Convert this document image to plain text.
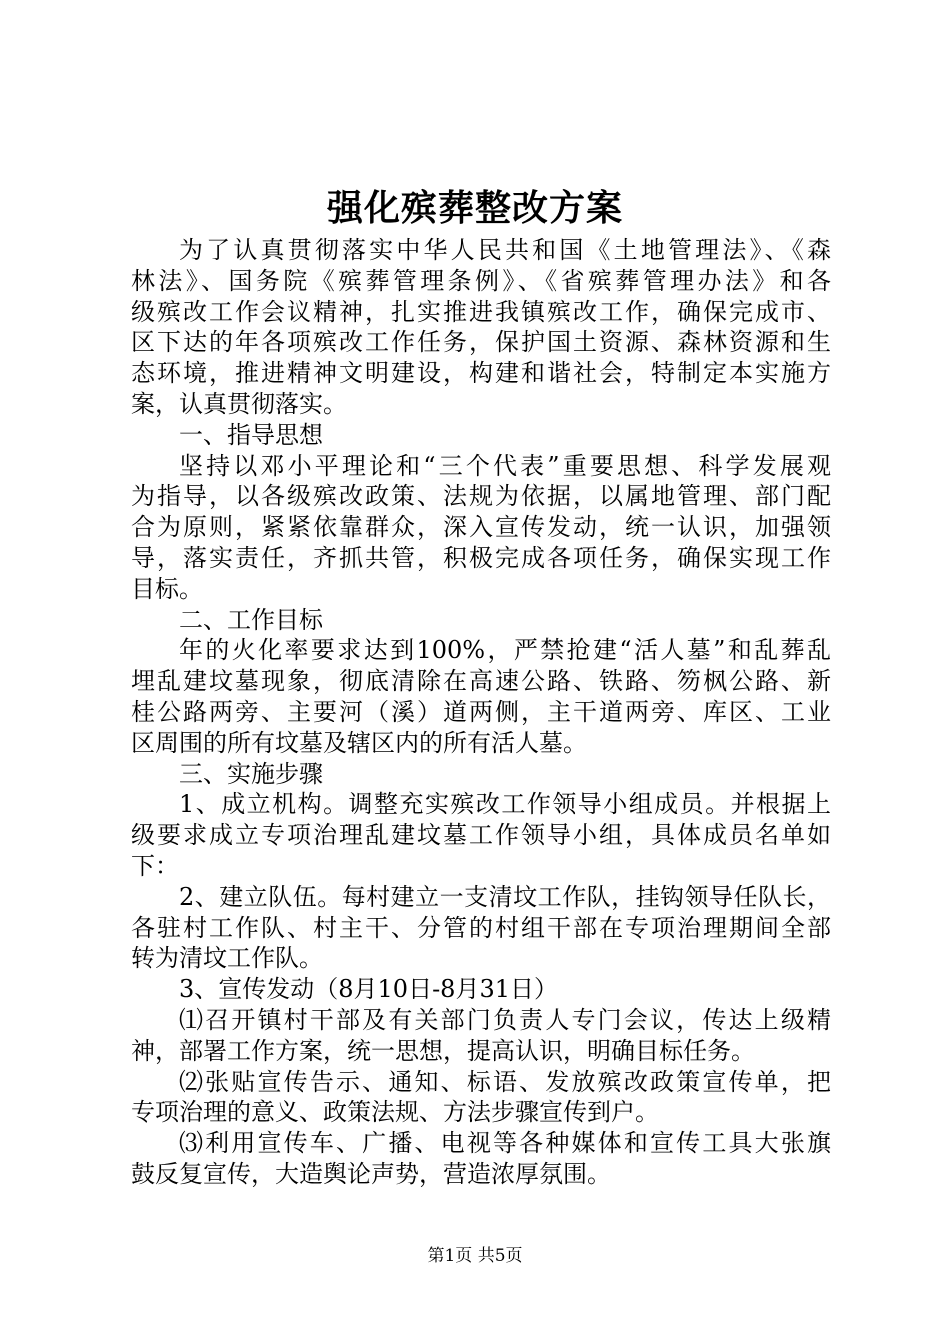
强化殡葬整改方案
为了认真贯彻落实中华人民共和国《土地管理法》、《森
林法》、国务院《殡葬管理条例》、《省殡葬管理办法》和各
级殡改工作会议精神，扎实推进我镇殡改工作，确保完成市、
区下达的年各项殡改工作任务，保护国土资源、森林资源和生
态环境，推进精神文明建设，构建和谐社会，特制定本实施方
案，认真贯彻落实。
一、指导思想
坚持以邓小平理论和“三个代表”重要思想、科学发展观
为指导，以各级殡改政策、法规为依据，以属地管理、部门配
合为原则，紧紧依靠群众，深入宣传发动，统一认识，加强领
导，落实责任，齐抓共管，积极完成各项任务，确保实现工作
目标。
二、工作目标
年的火化率要求达到100%，严禁抢建“活人墓”和乱葬乱
埋乱建坟墓现象，彻底清除在高速公路、铁路、笏枫公路、新
桂公路两旁、主要河（溪）道两侧，主干道两旁、库区、工业
区周围的所有坟墓及辖区内的所有活人墓。
三、实施步骤
1、成立机构。调整充实殡改工作领导小组成员。并根据上
级要求成立专项治理乱建坟墓工作领导小组，具体成员名单如
下：
2、建立队伍。每村建立一支清坟工作队，挂钩领导任队长，
各驻村工作队、村主干、分管的村组干部在专项治理期间全部
转为清坟工作队。
3、宣传发动（8月10日-8月31日）
⑴召开镇村干部及有关部门负责人专门会议，传达上级精
神，部署工作方案，统一思想，提高认识，明确目标任务。
⑵张贴宣传告示、通知、标语、发放殡改政策宣传单，把
专项治理的意义、政策法规、方法步骤宣传到户。
⑶利用宣传车、广播、电视等各种媒体和宣传工具大张旗
鼓反复宣传，大造舆论声势，营造浓厚氛围。
第1页 共5页
